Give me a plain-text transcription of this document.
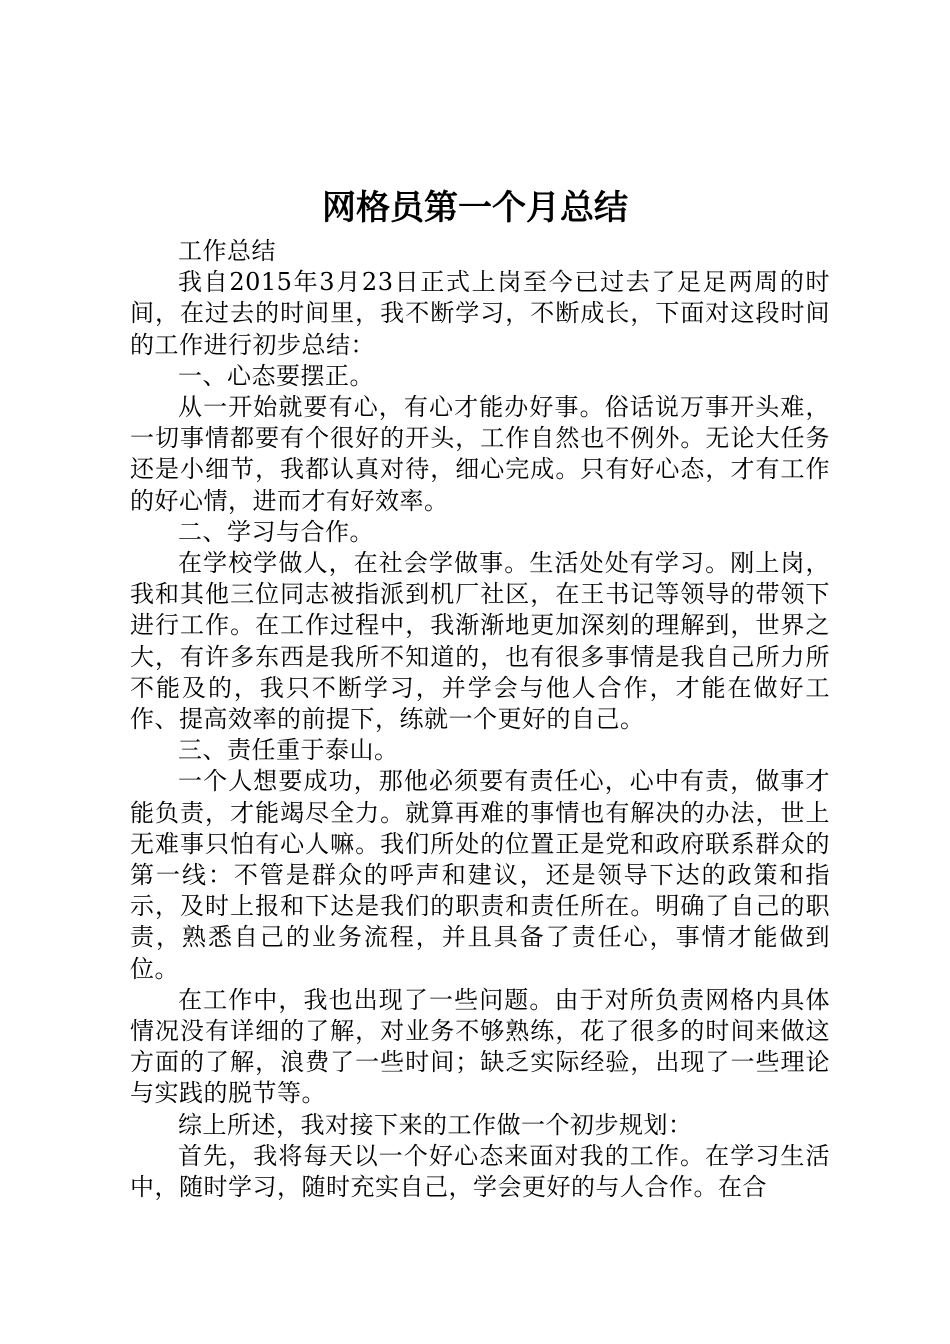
网格员第一个月总结

工作总结

我自2015年3月23日正式上岗至今已过去了足足两周的时间，在过去的时间里，我不断学习，不断成长，下面对这段时间的工作进行初步总结：

一、心态要摆正。

从一开始就要有心，有心才能办好事。俗话说万事开头难，一切事情都要有个很好的开头，工作自然也不例外。无论大任务还是小细节，我都认真对待，细心完成。只有好心态，才有工作的好心情，进而才有好效率。

二、学习与合作。

在学校学做人，在社会学做事。生活处处有学习。刚上岗，我和其他三位同志被指派到机厂社区，在王书记等领导的带领下进行工作。在工作过程中，我渐渐地更加深刻的理解到，世界之大，有许多东西是我所不知道的，也有很多事情是我自己所力所不能及的，我只不断学习，并学会与他人合作，才能在做好工作、提高效率的前提下，练就一个更好的自己。

三、责任重于泰山。

一个人想要成功，那他必须要有责任心，心中有责，做事才能负责，才能竭尽全力。就算再难的事情也有解决的办法，世上无难事只怕有心人嘛。我们所处的位置正是党和政府联系群众的第一线：不管是群众的呼声和建议，还是领导下达的政策和指示，及时上报和下达是我们的职责和责任所在。明确了自己的职责，熟悉自己的业务流程，并且具备了责任心，事情才能做到位。

在工作中，我也出现了一些问题。由于对所负责网格内具体情况没有详细的了解，对业务不够熟练，花了很多的时间来做这方面的了解，浪费了一些时间；缺乏实际经验，出现了一些理论与实践的脱节等。

综上所述，我对接下来的工作做一个初步规划：

首先，我将每天以一个好心态来面对我的工作。在学习生活中，随时学习，随时充实自己，学会更好的与人合作。在合
